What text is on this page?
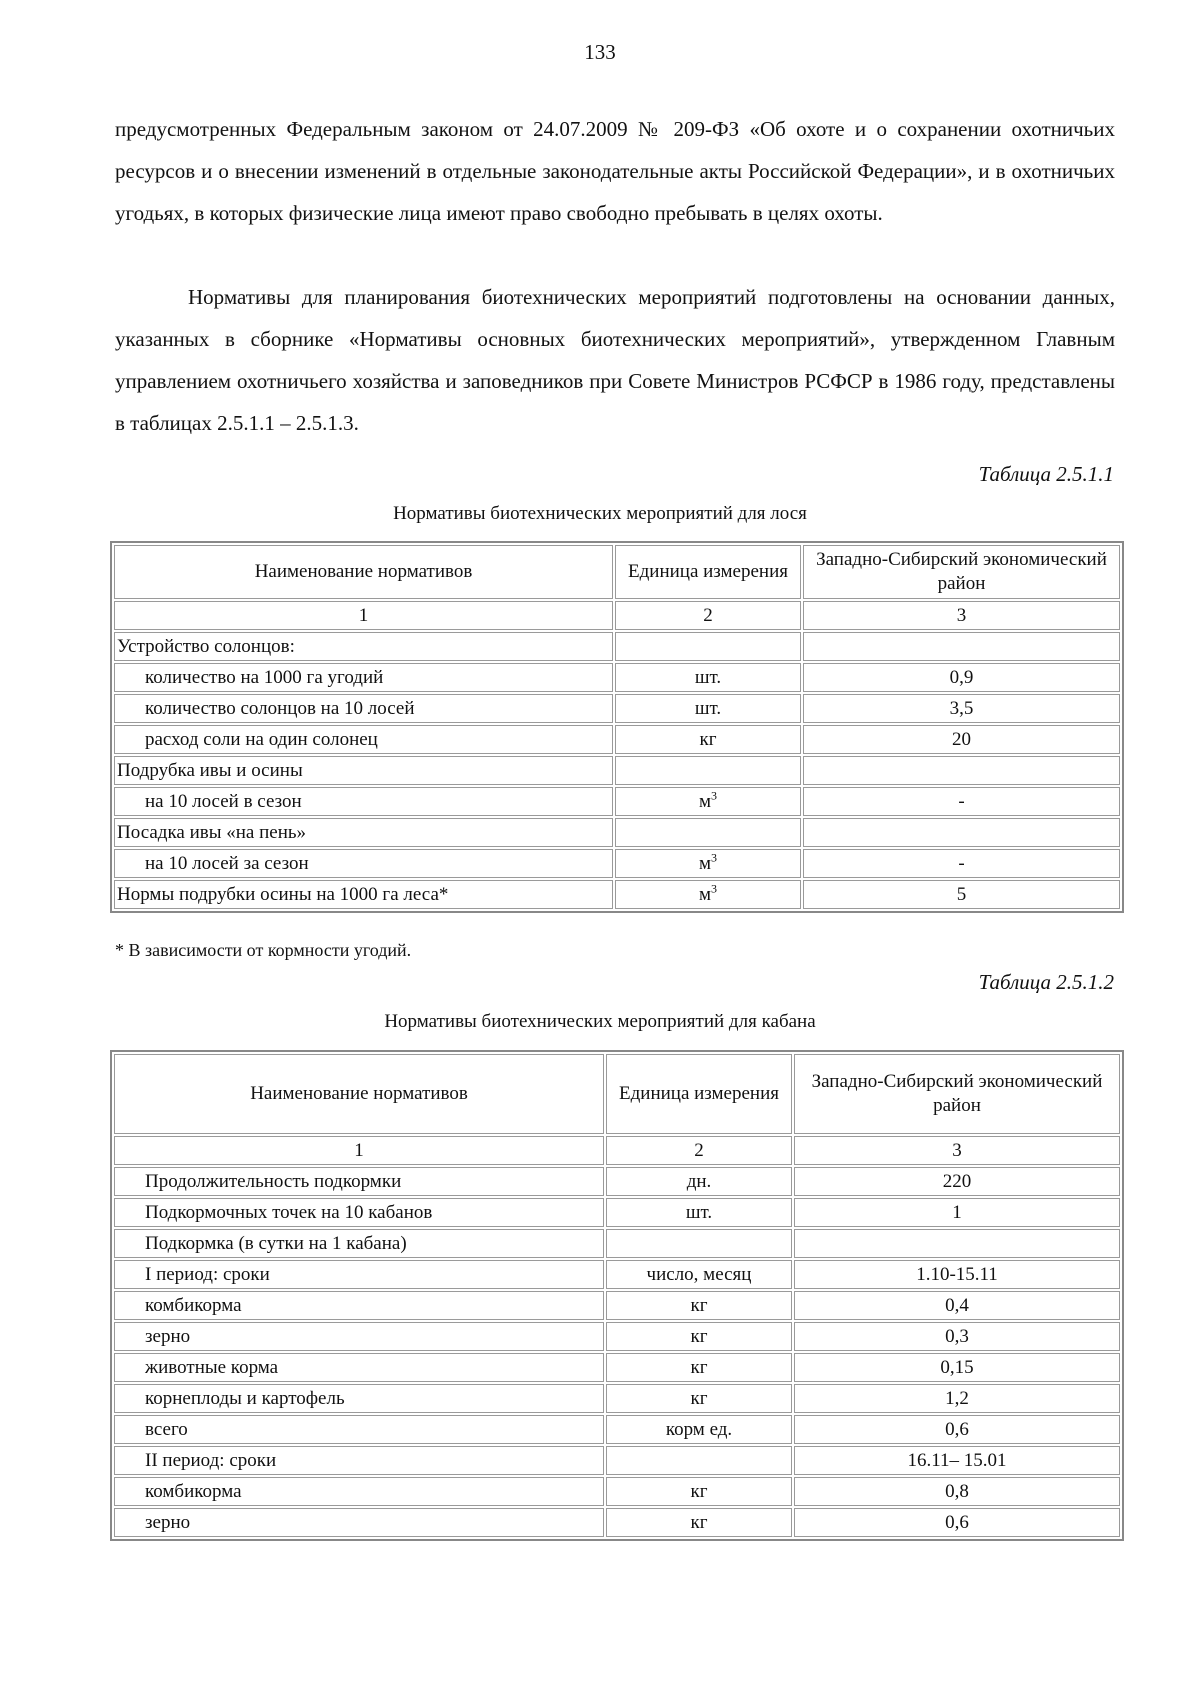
133

предусмотренных Федеральным законом от 24.07.2009 № 209-ФЗ «Об охоте и о сохранении охотничьих ресурсов и о внесении изменений в отдельные законодательные акты Российской Федерации», и в охотничьих угодьях, в которых физические лица имеют право свободно пребывать в целях охоты.

Нормативы для планирования биотехнических мероприятий подготовлены на основании данных, указанных в сборнике «Нормативы основных биотехнических мероприятий», утвержденном Главным управлением охотничьего хозяйства и заповедников при Совете Министров РСФСР в 1986 году, представлены в таблицах 2.5.1.1 – 2.5.1.3.

Таблица 2.5.1.1
Нормативы биотехнических мероприятий для лося
Наименование нормативов	Единица измерения	Западно-Сибирский экономический район
1	2	3
Устройство солонцов:		
количество на 1000 га угодий	шт.	0,9
количество солонцов на 10 лосей	шт.	3,5
расход соли на один солонец	кг	20
Подрубка ивы и осины		
на 10 лосей в сезон	$м^3$	-
Посадка ивы «на пень»		
на 10 лосей за сезон	$м^3$	-
Нормы подрубки осины на 1000 га леса*	$м^3$	5
* В зависимости от кормности угодий.
Таблица 2.5.1.2
Нормативы биотехнических мероприятий для кабана
Наименование нормативов	Единица измерения	Западно-Сибирский экономический район
1	2	3
Продолжительность подкормки	дн.	220
Подкормочных точек на 10 кабанов	шт.	1
Подкормка (в сутки на 1 кабана)		
I период: сроки	число, месяц	1.10-15.11
комбикорма	кг	0,4
зерно	кг	0,3
животные корма	кг	0,15
корнеплоды и картофель	кг	1,2
всего	корм ед.	0,6
II период: сроки		16.11– 15.01
комбикорма	кг	0,8
зерно	кг	0,6
